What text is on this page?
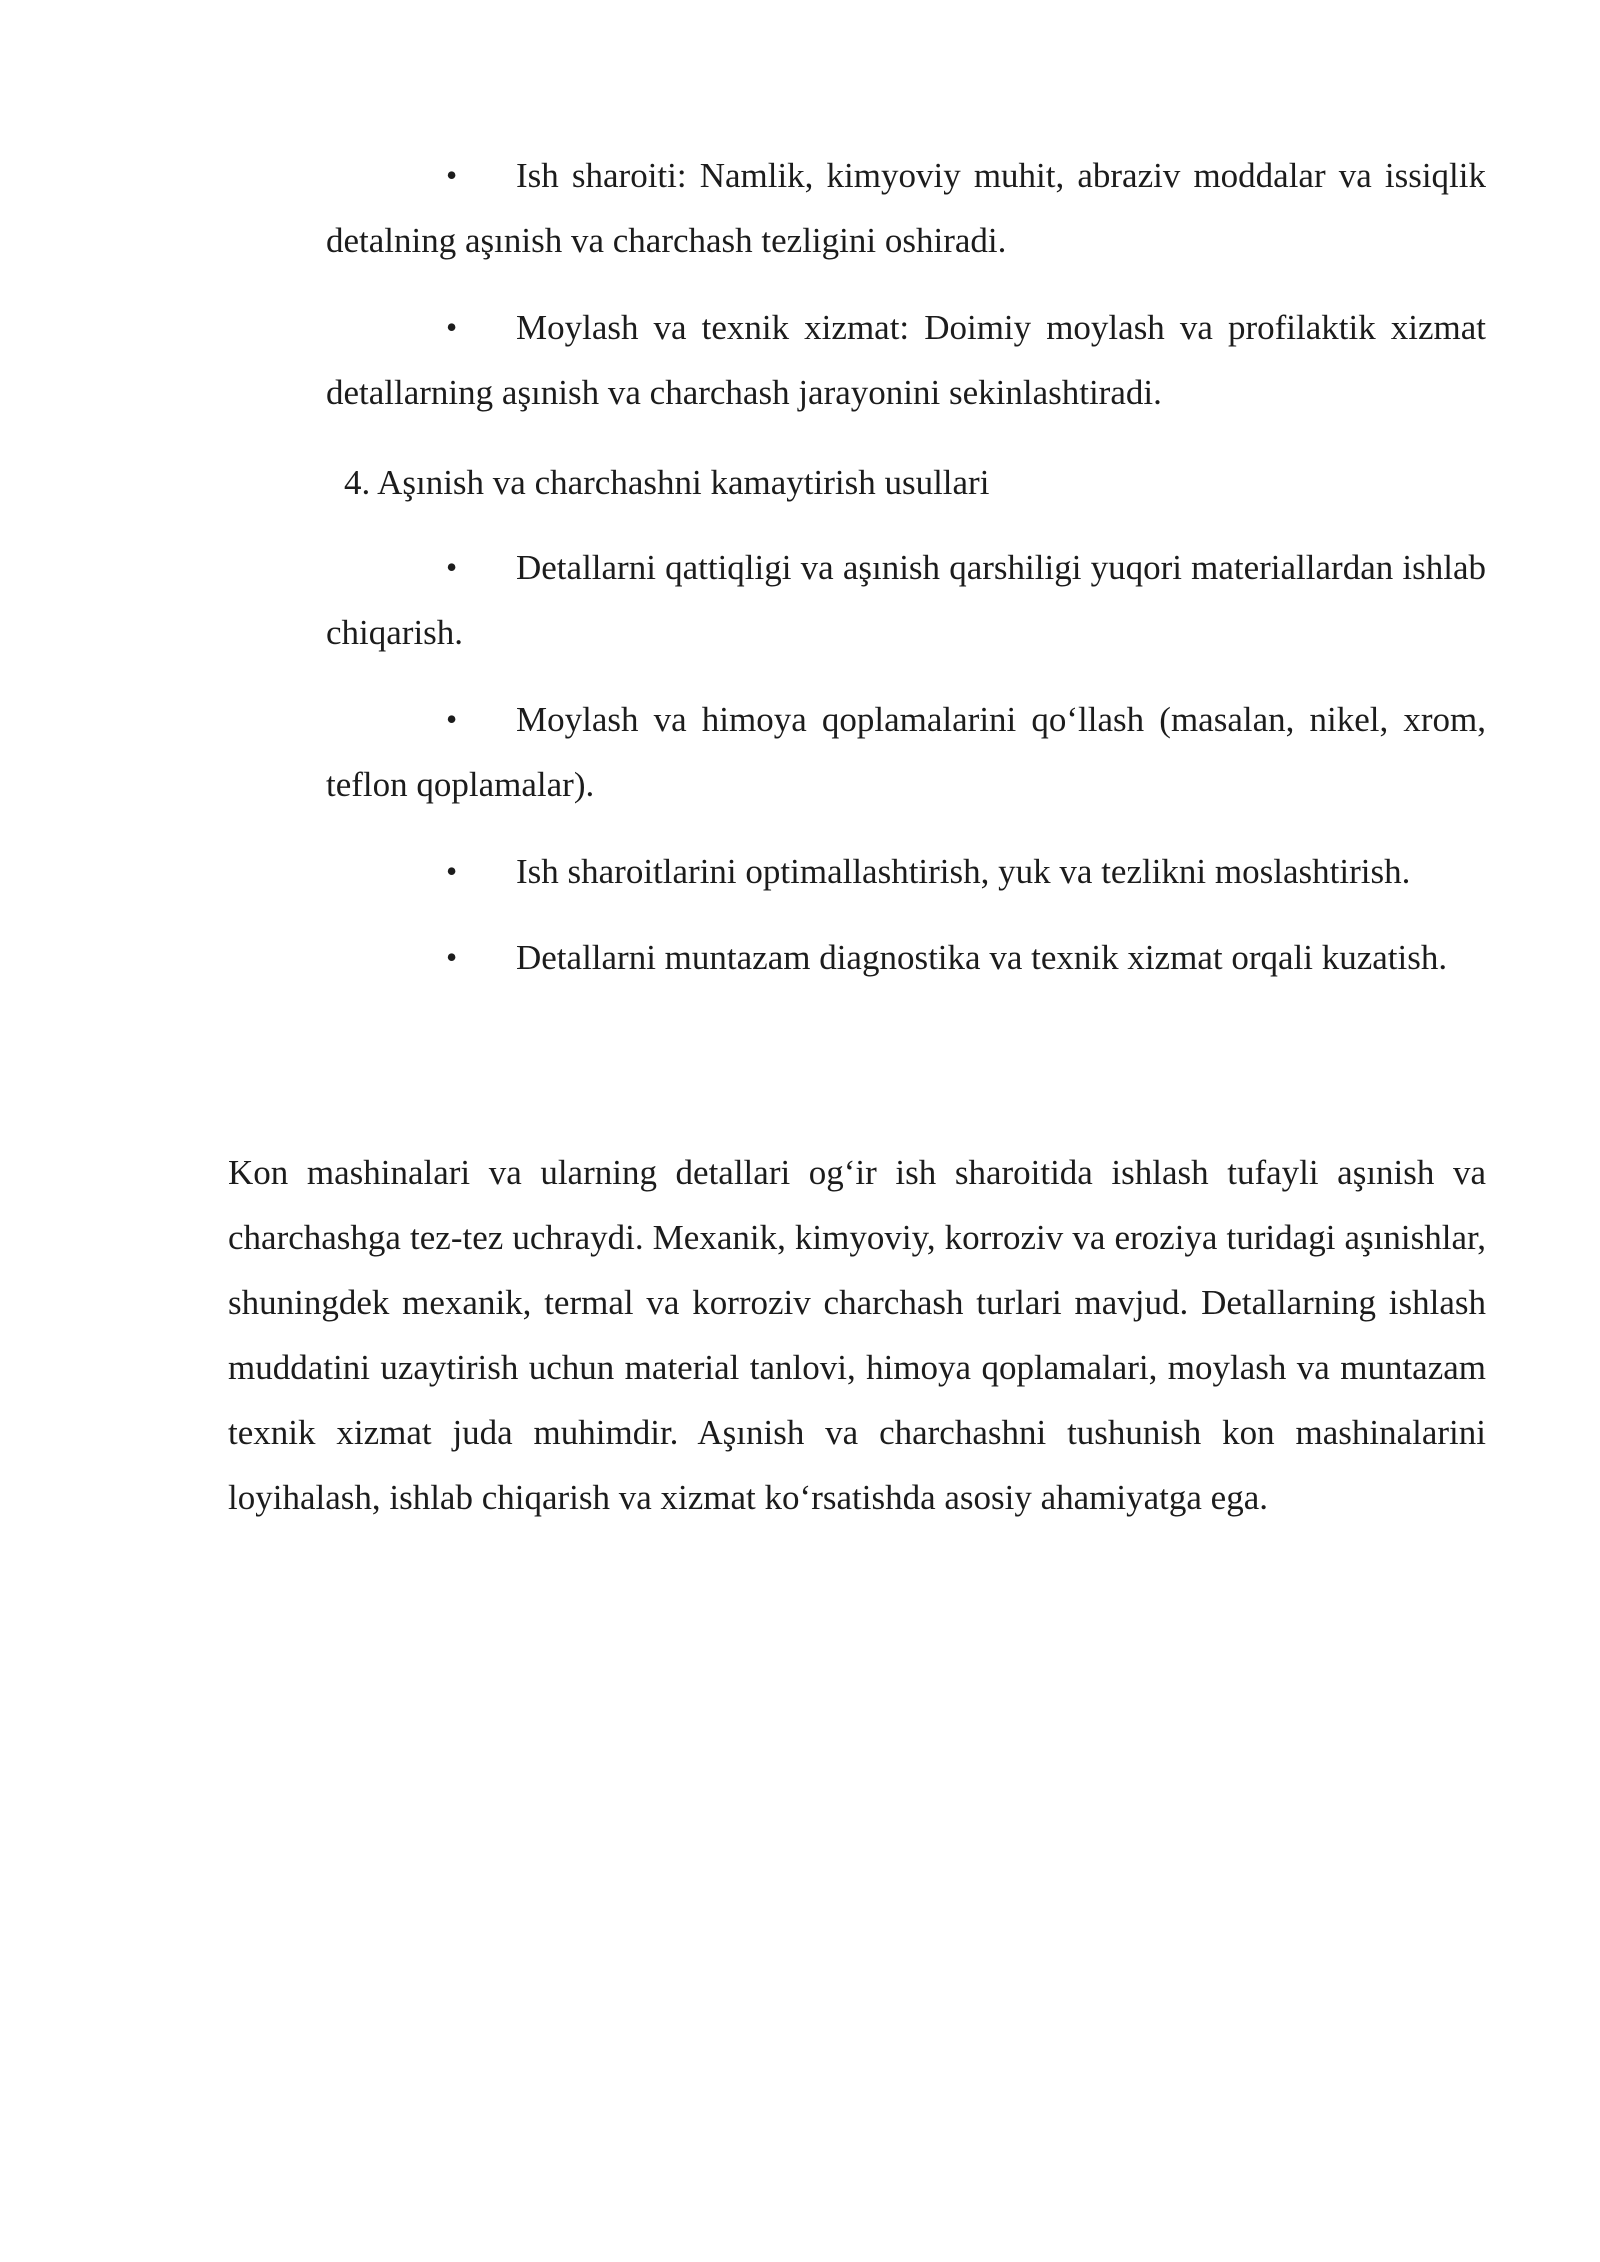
• Ish sharoiti: Namlik, kimyoviy muhit, abraziv moddalar va issiqlik detalning aşınish va charchash tezligini oshiradi.
• Moylash va texnik xizmat: Doimiy moylash va profilaktik xizmat detallarning aşınish va charchash jarayonini sekinlashtiradi.
4. Aşınish va charchashni kamaytirish usullari
• Detallarni qattiqligi va aşınish qarshiligi yuqori materiallardan ishlab chiqarish.
• Moylash va himoya qoplamalarini qo‘llash (masalan, nikel, xrom, teflon qoplamalar).
• Ish sharoitlarini optimallashtirish, yuk va tezlikni moslashtirish.
• Detallarni muntazam diagnostika va texnik xizmat orqali kuzatish.

Kon mashinalari va ularning detallari og‘ir ish sharoitida ishlash tufayli aşınish va charchashga tez-tez uchraydi. Mexanik, kimyoviy, korroziv va eroziya turidagi aşınishlar, shuningdek mexanik, termal va korroziv charchash turlari mavjud. Detallarning ishlash muddatini uzaytirish uchun material tanlovi, himoya qoplamalari, moylash va muntazam texnik xizmat juda muhimdir. Aşınish va charchashni tushunish kon mashinalarini loyihalash, ishlab chiqarish va xizmat ko‘rsatishda asosiy ahamiyatga ega.
